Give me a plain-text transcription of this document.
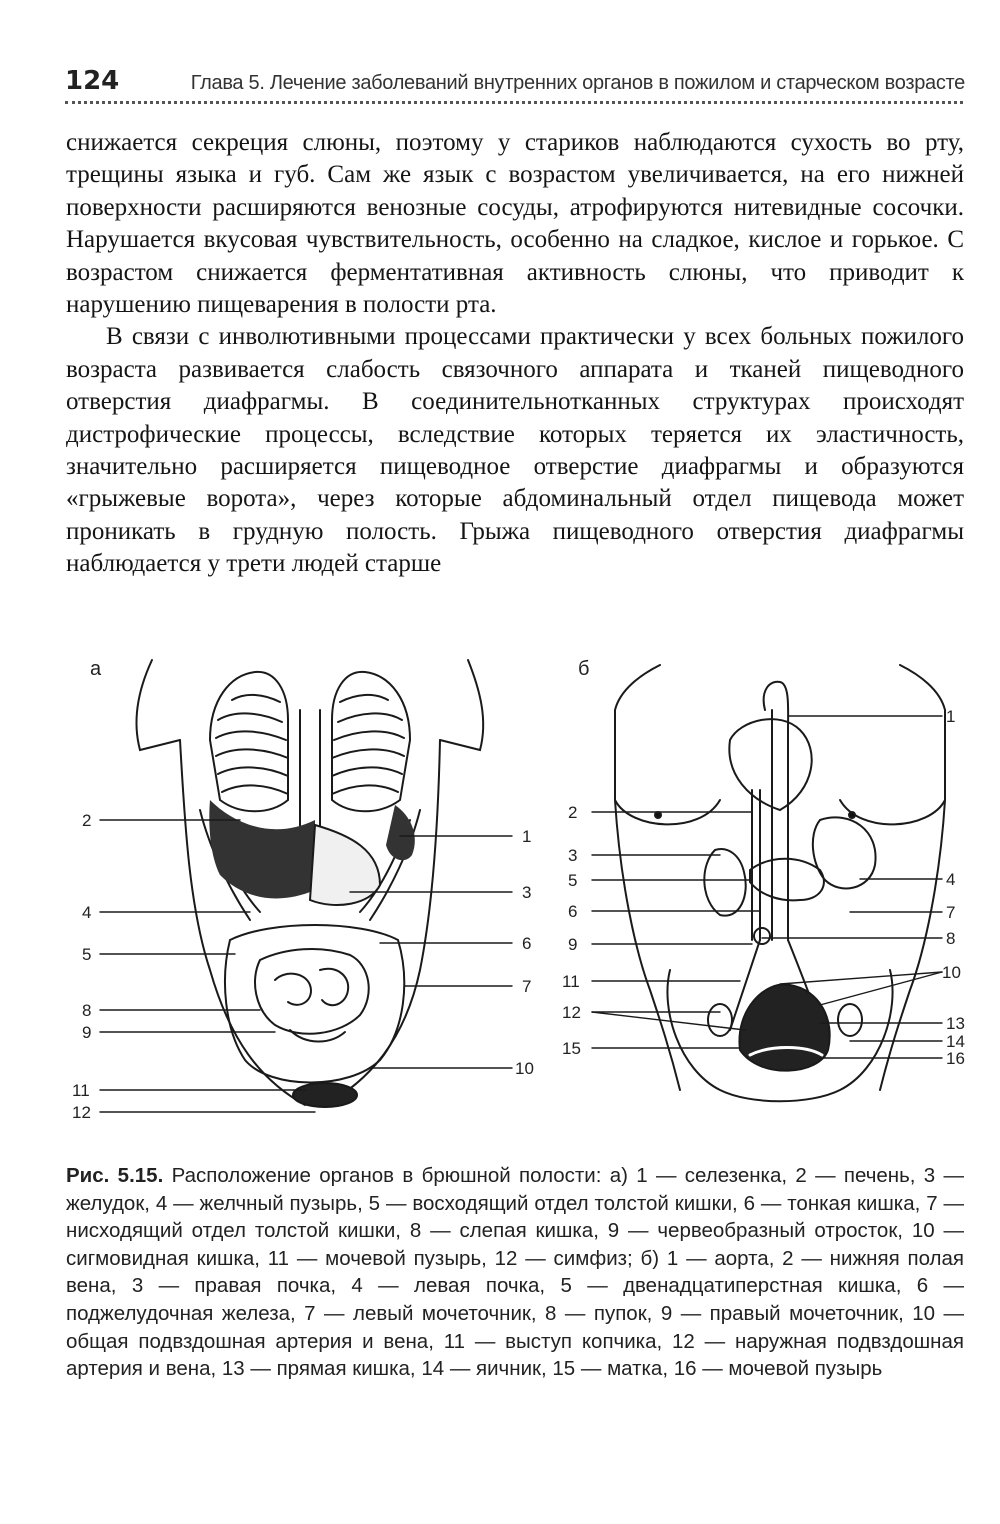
124	Глава 5. Лечение заболеваний внутренних органов в пожилом и старческом возрасте

снижается секреция слюны, поэтому у стариков наблюдаются сухость во рту, трещины языка и губ. Сам же язык с возрастом увеличивается, на его нижней поверхности расширяются венозные сосуды, атрофируются нитевидные сосочки. Нарушается вкусовая чувствительность, особенно на сладкое, кислое и горькое. С возрастом снижается ферментативная активность слюны, что приводит к нарушению пищеварения в полости рта.

В связи с инволютивными процессами практически у всех больных пожилого возраста развивается слабость связочного аппарата и тканей пищеводного отверстия диафрагмы. В соединительнотканных структурах происходят дистрофические процессы, вследствие которых теряется их эластичность, значительно расширяется пищеводное отверстие диафрагмы и образуются «грыжевые ворота», через которые абдоминальный отдел пищевода может проникать в грудную полость. Грыжа пищеводного отверстия диафрагмы наблюдается у трети людей старше

а	б
2
4
5
8
9
11
12
1
3
6
7
10
2
3
5
6
9
11
12
15
1
4
7
8
10
13
14
16
Рис. 5.15. Расположение органов в брюшной полости: а) 1 — селезенка, 2 — печень, 3 — желудок, 4 — желчный пузырь, 5 — восходящий отдел толстой кишки, 6 — тонкая кишка, 7 — нисходящий отдел толстой кишки, 8 — слепая кишка, 9 — червеобразный отросток, 10 — сигмовидная кишка, 11 — мочевой пузырь, 12 — симфиз; б) 1 — аорта, 2 — нижняя полая вена, 3 — правая почка, 4 — левая почка, 5 — двенадцатиперстная кишка, 6 — поджелудочная железа, 7 — левый мочеточник, 8 — пупок, 9 — правый мочеточник, 10 — общая подвздошная артерия и вена, 11 — выступ копчика, 12 — наружная подвздошная артерия и вена, 13 — прямая кишка, 14 — яичник, 15 — матка, 16 — мочевой пузырь
